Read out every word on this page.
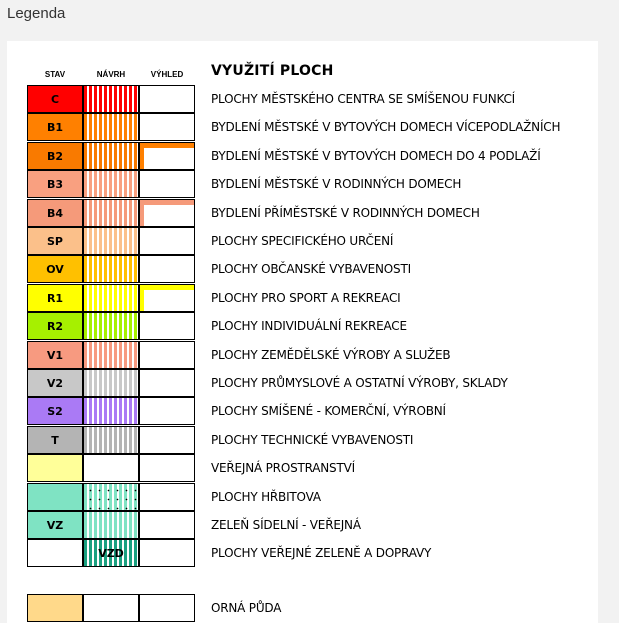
Legenda
STAV	NÁVRH	VÝHLED	VYUŽITÍ PLOCH
C	PLOCHY MĚSTSKÉHO CENTRA SE SMÍŠENOU FUNKCÍ
B1	BYDLENÍ MĚSTSKÉ V BYTOVÝCH DOMECH VÍCEPODLAŽNÍCH
B2	BYDLENÍ MĚSTSKÉ V BYTOVÝCH DOMECH DO 4 PODLAŽÍ
B3	BYDLENÍ MĚSTSKÉ V RODINNÝCH DOMECH
B4	BYDLENÍ PŘÍMĚSTSKÉ V RODINNÝCH DOMECH
SP	PLOCHY SPECIFICKÉHO URČENÍ
OV	PLOCHY OBČANSKÉ VYBAVENOSTI
R1	PLOCHY PRO SPORT A REKREACI
R2	PLOCHY INDIVIDUÁLNÍ REKREACE
V1	PLOCHY ZEMĚDĚLSKÉ VÝROBY A SLUŽEB
V2	PLOCHY PRŮMYSLOVÉ A OSTATNÍ VÝROBY, SKLADY
S2	PLOCHY SMÍŠENÉ - KOMERČNÍ, VÝROBNÍ
T	PLOCHY TECHNICKÉ VYBAVENOSTI
VEŘEJNÁ PROSTRANSTVÍ
PLOCHY HŘBITOVA
VZ	ZELEŇ SÍDELNÍ - VEŘEJNÁ
VZD	PLOCHY VEŘEJNÉ ZELENĚ A DOPRAVY
ORNÁ PŮDA
